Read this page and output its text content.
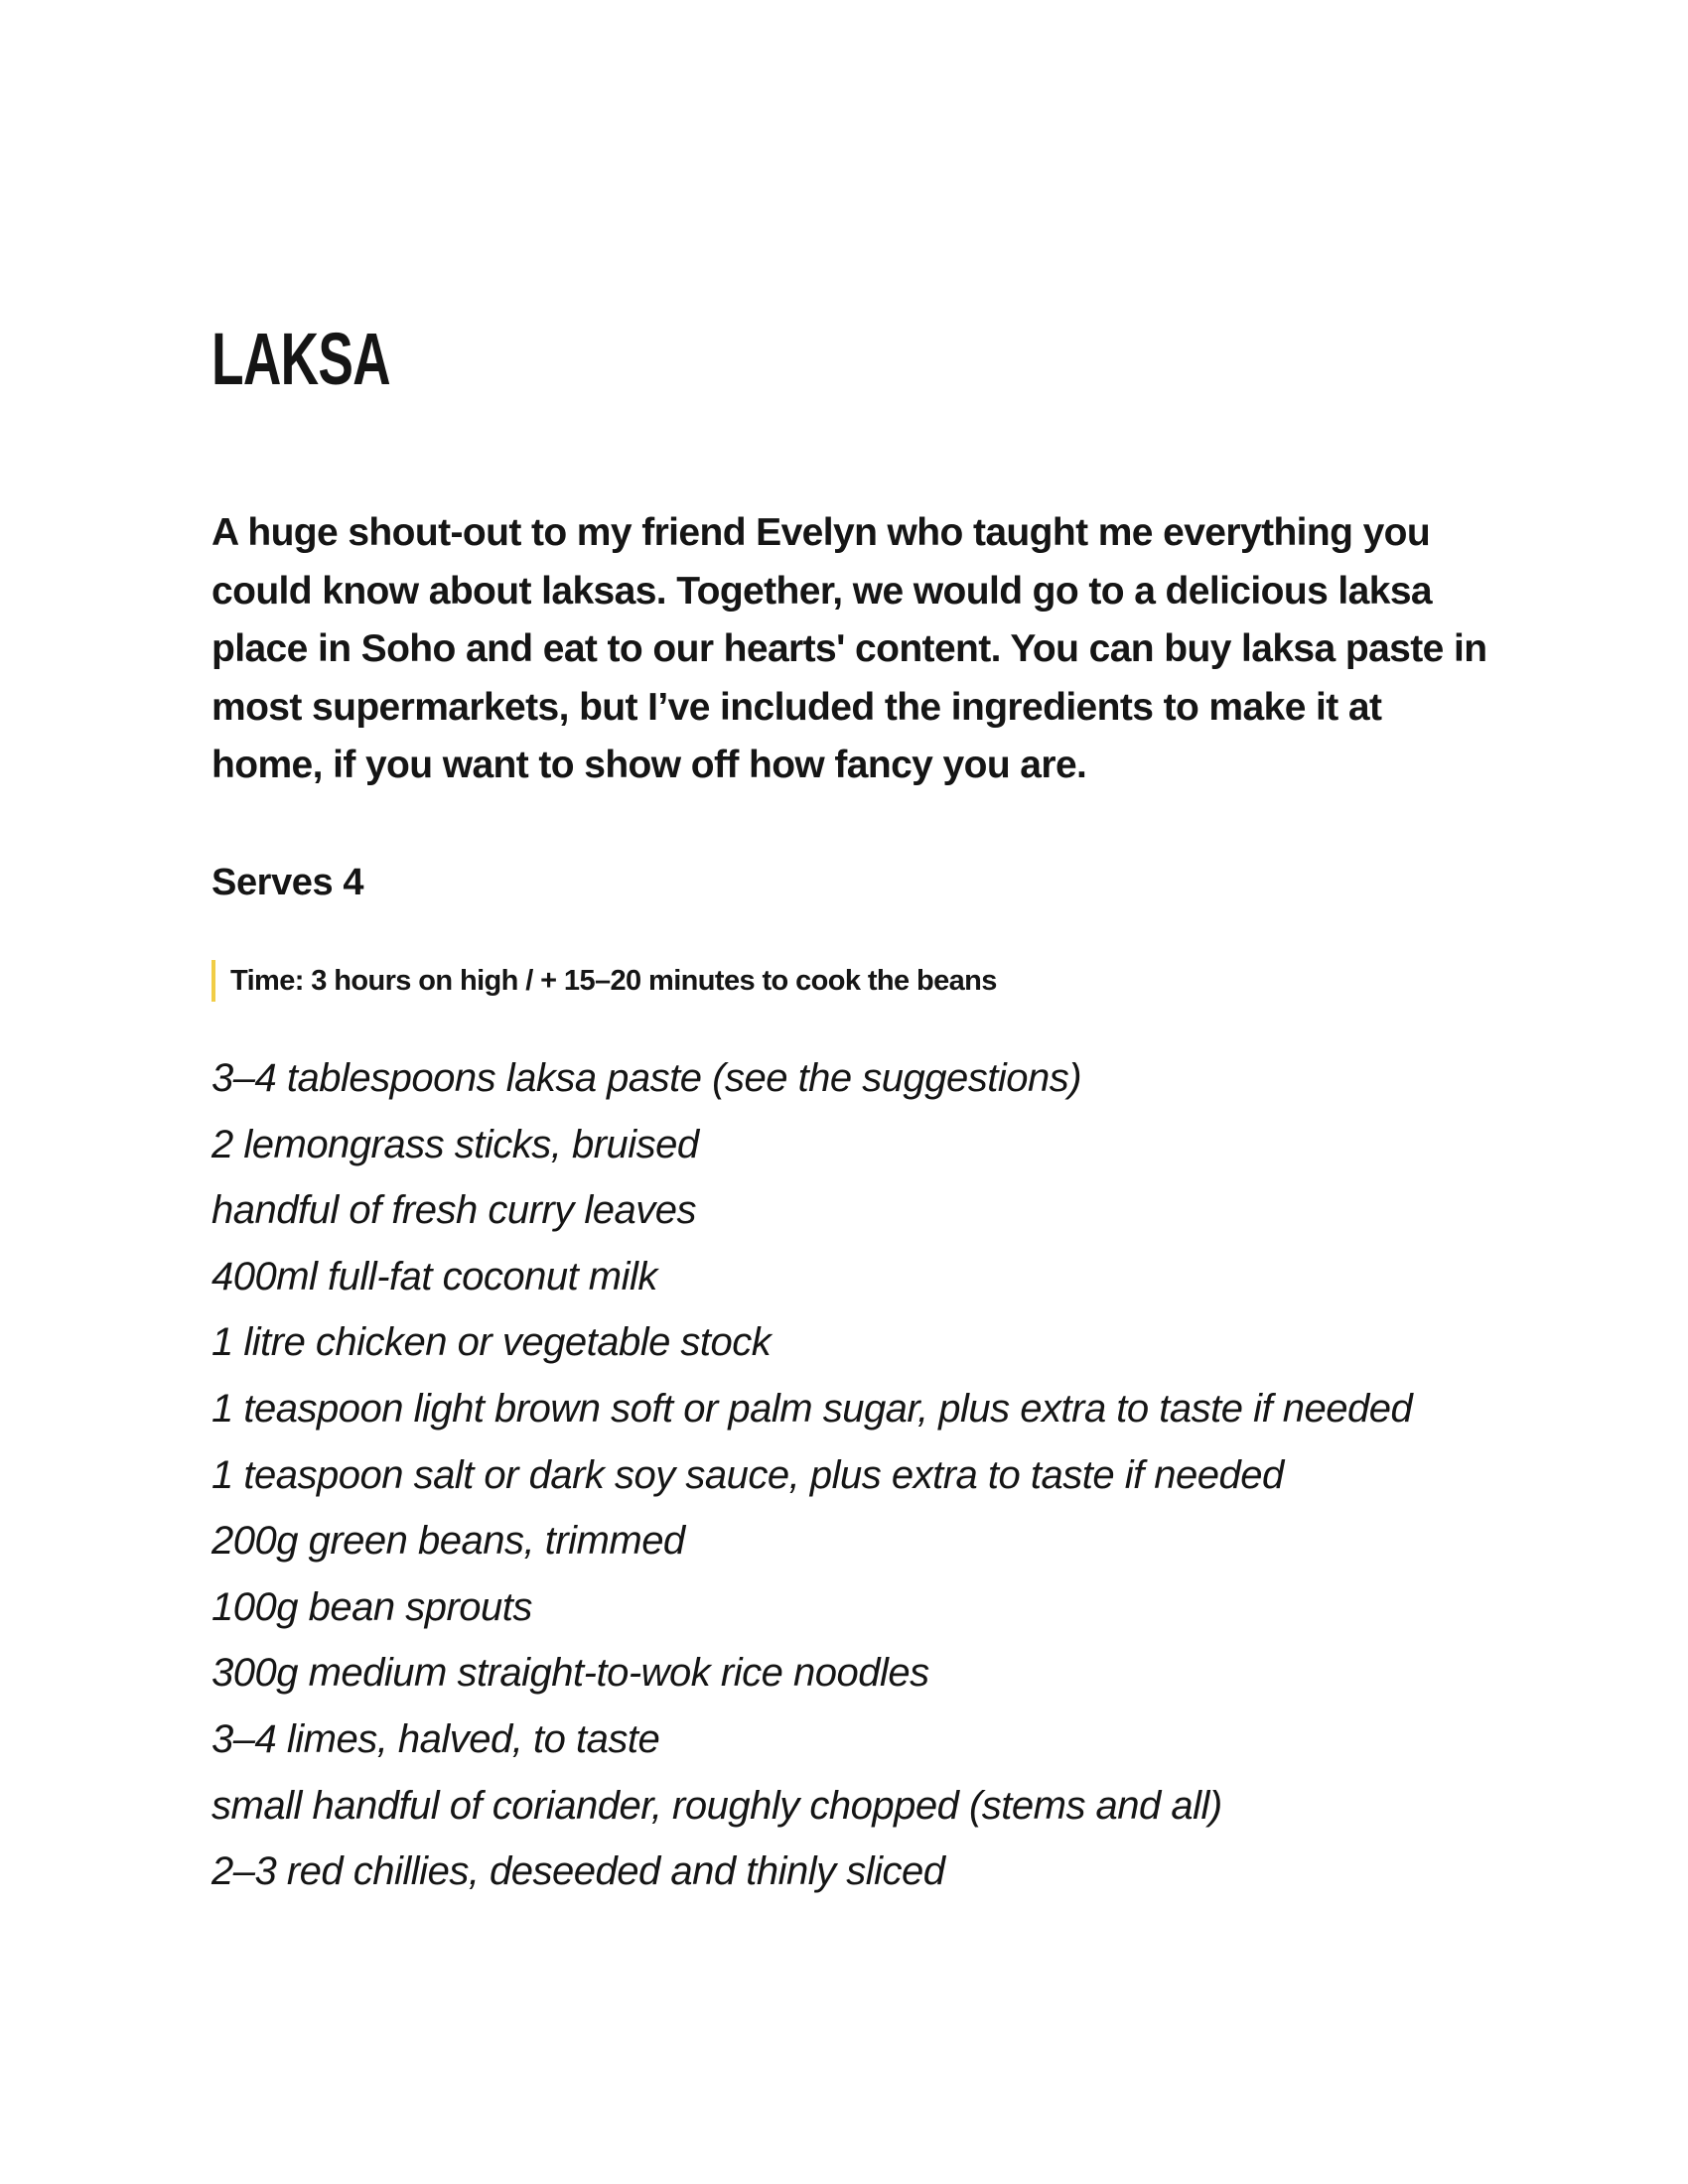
LAKSA

A huge shout-out to my friend Evelyn who taught me everything you could know about laksas. Together, we would go to a delicious laksa place in Soho and eat to our hearts' content. You can buy laksa paste in most supermarkets, but I’ve included the ingredients to make it at home, if you want to show off how fancy you are.

Serves 4

Time: 3 hours on high / + 15–20 minutes to cook the beans
3–4 tablespoons laksa paste (see the suggestions)
2 lemongrass sticks, bruised
handful of fresh curry leaves
400ml full-fat coconut milk
1 litre chicken or vegetable stock
1 teaspoon light brown soft or palm sugar, plus extra to taste if needed
1 teaspoon salt or dark soy sauce, plus extra to taste if needed
200g green beans, trimmed
100g bean sprouts
300g medium straight-to-wok rice noodles
3–4 limes, halved, to taste
small handful of coriander, roughly chopped (stems and all)
2–3 red chillies, deseeded and thinly sliced
